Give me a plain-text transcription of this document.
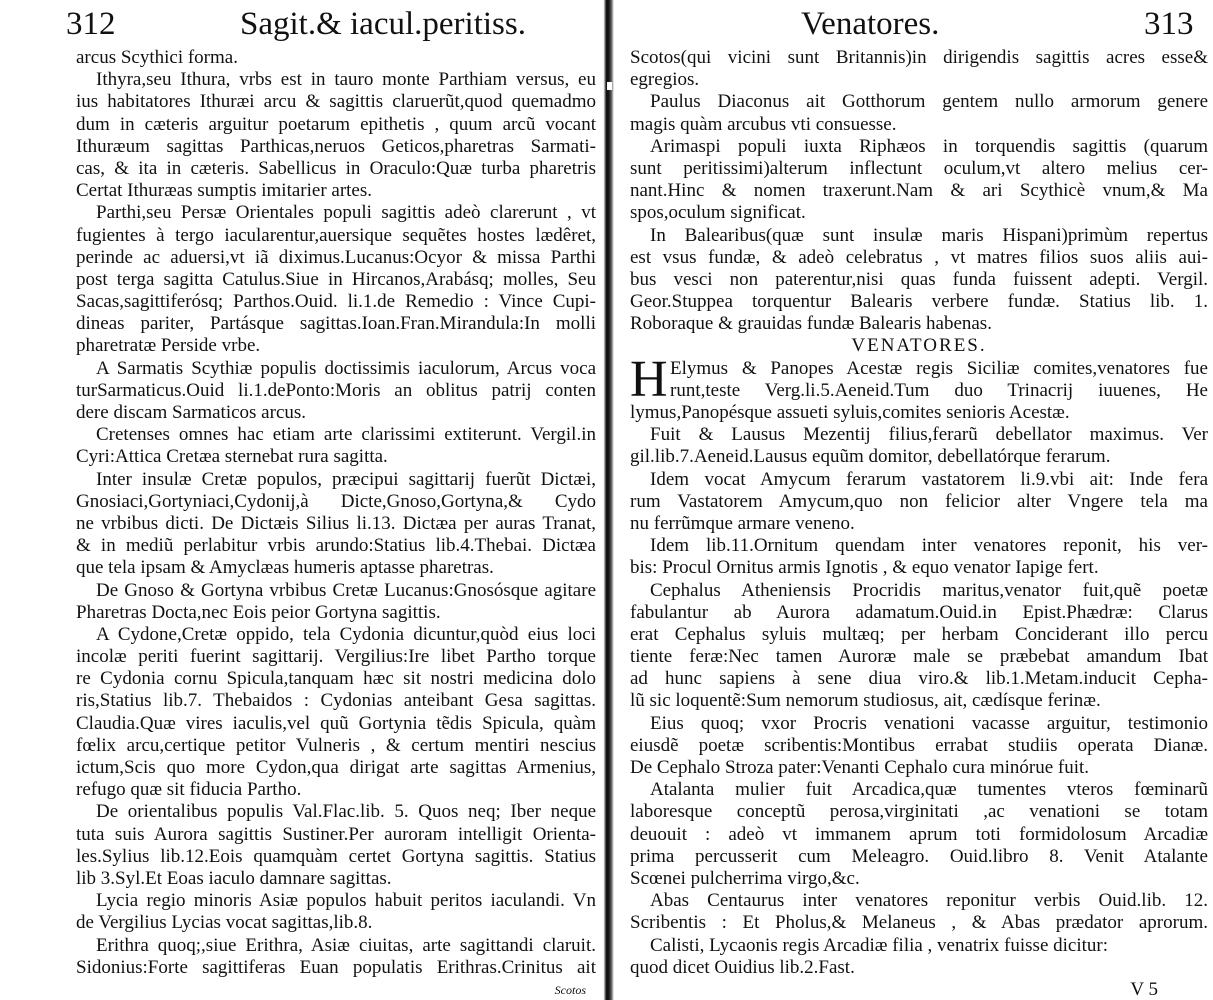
312	Sagit.& iacul.peritiss.
arcus Scythici forma.
Ithyra,seu Ithura, vrbs est in tauro monte Parthiam versus, eu
ius habitatores Ithuræi arcu & sagittis claruerũt,quod quemadmo
dum in cæteris arguitur poetarum epithetis , quum arcũ vocant
Ithuræum sagittas Parthicas,neruos Geticos,pharetras Sarmati-
cas, & ita in cæteris. Sabellicus in Oraculo:Quæ turba pharetris
Certat Ithuræas sumptis imitarier artes.
Parthi,seu Persæ Orientales populi sagittis adeò clarerunt , vt
fugientes à tergo iacularentur,auersique sequẽtes hostes lædêret,
perinde ac aduersi,vt iã diximus.Lucanus:Ocyor & missa Parthi
post terga sagitta Catulus.Siue in Hircanos,Arabásq; molles, Seu
Sacas,sagittiferósq; Parthos.Ouid. li.1.de Remedio : Vince Cupi-
dineas pariter, Partásque sagittas.Ioan.Fran.Mirandula:In molli
pharetratæ Perside vrbe.
A Sarmatis Scythiæ populis doctissimis iaculorum, Arcus voca
turSarmaticus.Ouid li.1.dePonto:Moris an oblitus patrij conten
dere discam Sarmaticos arcus.
Cretenses omnes hac etiam arte clarissimi extiterunt. Vergil.in
Cyri:Attica Cretæa sternebat rura sagitta.
Inter insulæ Cretæ populos, præcipui sagittarij fuerũt Dictæi,
Gnosiaci,Gortyniaci,Cydonij,à Dicte,Gnoso,Gortyna,& Cydo
ne vrbibus dicti. De Dictæis Silius li.13. Dictæa per auras Tranat,
& in mediũ perlabitur vrbis arundo:Statius lib.4.Thebai. Dictæa
que tela ipsam & Amyclæas humeris aptasse pharetras.
De Gnoso & Gortyna vrbibus Cretæ Lucanus:Gnosósque agitare
Pharetras Docta,nec Eois peior Gortyna sagittis.
A Cydone,Cretæ oppido, tela Cydonia dicuntur,quòd eius loci
incolæ periti fuerint sagittarij. Vergilius:Ire libet Partho torque
re Cydonia cornu Spicula,tanquam hæc sit nostri medicina dolo
ris,Statius lib.7. Thebaidos : Cydonias anteibant Gesa sagittas.
Claudia.Quæ vires iaculis,vel quũ Gortynia tẽdis Spicula, quàm
fœlix arcu,certique petitor Vulneris , & certum mentiri nescius
ictum,Scis quo more Cydon,qua dirigat arte sagittas Armenius,
refugo quæ sit fiducia Partho.
De orientalibus populis Val.Flac.lib. 5. Quos neq; Iber neque
tuta suis Aurora sagittis Sustiner.Per auroram intelligit Orienta-
les.Sylius lib.12.Eois quamquàm certet Gortyna sagittis. Statius
lib 3.Syl.Et Eoas iaculo damnare sagittas.
Lycia regio minoris Asiæ populos habuit peritos iaculandi. Vn
de Vergilius Lycias vocat sagittas,lib.8.
Erithra quoq;,siue Erithra, Asiæ ciuitas, arte sagittandi claruit.
Sidonius:Forte sagittiferas Euan populatis Erithras.Crinitus ait
Scotos
Venatores.	313
Scotos(qui vicini sunt Britannis)in dirigendis sagittis acres esse&
egregios.
Paulus Diaconus ait Gotthorum gentem nullo armorum genere
magis quàm arcubus vti consuesse.
Arimaspi populi iuxta Riphæos in torquendis sagittis (quarum
sunt peritissimi)alterum inflectunt oculum,vt altero melius cer-
nant.Hinc & nomen traxerunt.Nam & ari Scythicè vnum,& Ma
spos,oculum significat.
In Balearibus(quæ sunt insulæ maris Hispani)primùm repertus
est vsus fundæ, & adeò celebratus , vt matres filios suos aliis aui-
bus vesci non paterentur,nisi quas funda fuissent adepti. Vergil.
Geor.Stuppea torquentur Balearis verbere fundæ. Statius lib. 1.
Roboraque & grauidas fundæ Balearis habenas.
VENATORES.
H Elymus & Panopes Acestæ regis Siciliæ comites,venatores fue
runt,teste Verg.li.5.Aeneid.Tum duo Trinacrij iuuenes, He
lymus,Panopésque assueti syluis,comites senioris Acestæ.
Fuit & Lausus Mezentij filius,ferarũ debellator maximus. Ver
gil.lib.7.Aeneid.Lausus equũm domitor, debellatórque ferarum.
Idem vocat Amycum ferarum vastatorem li.9.vbi ait: Inde fera
rum Vastatorem Amycum,quo non felicior alter Vngere tela ma
nu ferrũmque armare veneno.
Idem lib.11.Ornitum quendam inter venatores reponit, his ver-
bis: Procul Ornitus armis Ignotis , & equo venator Iapige fert.
Cephalus Atheniensis Procridis maritus,venator fuit,quẽ poetæ
fabulantur ab Aurora adamatum.Ouid.in Epist.Phædræ: Clarus
erat Cephalus syluis multæq; per herbam Conciderant illo percu
tiente feræ:Nec tamen Auroræ male se præbebat amandum Ibat
ad hunc sapiens à sene diua viro.& lib.1.Metam.inducit Cepha-
lũ sic loquentẽ:Sum nemorum studiosus, ait, cædísque ferinæ.
Eius quoq; vxor Procris venationi vacasse arguitur, testimonio
eiusdẽ poetæ scribentis:Montibus errabat studiis operata Dianæ.
De Cephalo Stroza pater:Venanti Cephalo cura minórue fuit.
Atalanta mulier fuit Arcadica,quæ tumentes vteros fœminarũ
laboresque conceptũ perosa,virginitati ,ac venationi se totam
deuouit : adeò vt immanem aprum toti formidolosum Arcadiæ
prima percusserit cum Meleagro. Ouid.libro 8. Venit Atalante
Scœnei pulcherrima virgo,&c.
Abas Centaurus inter venatores reponitur verbis Ouid.lib. 12.
Scribentis : Et Pholus,& Melaneus , & Abas prædator aprorum.
Calisti, Lycaonis regis Arcadiæ filia , venatrix fuisse dicitur:
quod dicet Ouidius lib.2.Fast.
V 5
